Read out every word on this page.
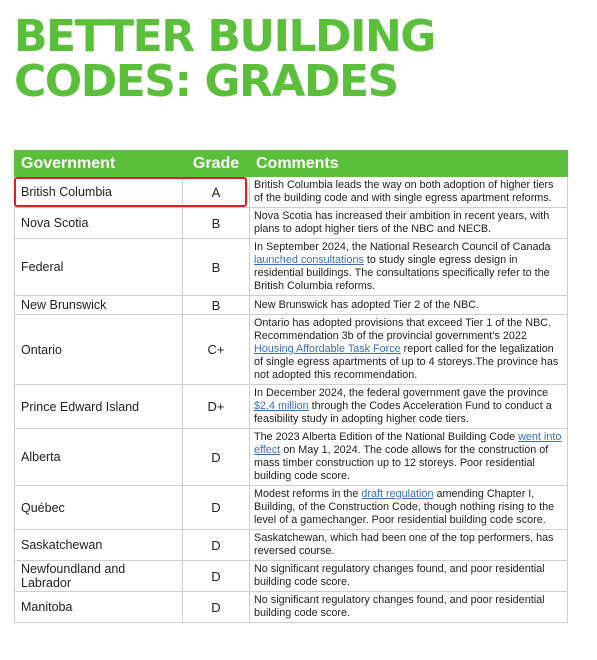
BETTER BUILDING
CODES: GRADES
Government	Grade	Comments
British Columbia	A	British Columbia leads the way on both adoption of higher tiers of the building code and with single egress apartment reforms.
Nova Scotia	B	Nova Scotia has increased their ambition in recent years, with plans to adopt higher tiers of the NBC and NECB.
Federal	B	In September 2024, the National Research Council of Canada launched consultations to study single egress design in residential buildings. The consultations specifically refer to the British Columbia reforms.
New Brunswick	B	New Brunswick has adopted Tier 2 of the NBC.
Ontario	C+	Ontario has adopted provisions that exceed Tier 1 of the NBC. Recommendation 3b of the provincial government’s 2022 Housing Affordable Task Force report called for the legalization of single egress apartments of up to 4 storeys.The province has not adopted this recommendation.
Prince Edward Island	D+	In December 2024, the federal government gave the province $2.4 million through the Codes Acceleration Fund to conduct a feasibility study in adopting higher code tiers.
Alberta	D	The 2023 Alberta Edition of the National Building Code went into effect on May 1, 2024. The code allows for the construction of mass timber construction up to 12 storeys. Poor residential building code score.
Québec	D	Modest reforms in the draft regulation amending Chapter I, Building, of the Construction Code, though nothing rising to the level of a gamechanger. Poor residential building code score.
Saskatchewan	D	Saskatchewan, which had been one of the top performers, has reversed course.
Newfoundland and Labrador	D	No significant regulatory changes found, and poor residential building code score.
Manitoba	D	No significant regulatory changes found, and poor residential building code score.
